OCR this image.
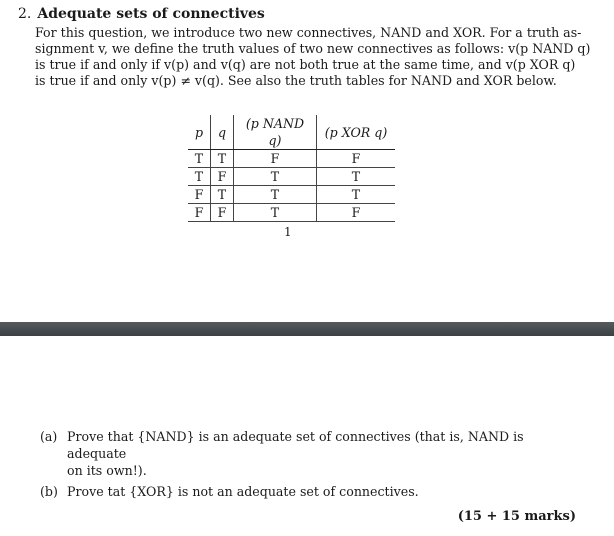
2. Adequate sets of connectives
For this question, we introduce two new connectives, NAND and XOR. For a truth as-
signment v, we define the truth values of two new connectives as follows: v(p NAND q)
is true if and only if v(p) and v(q) are not both true at the same time, and v(p XOR q)
is true if and only v(p) ≠ v(q). See also the truth tables for NAND and XOR below.
p	q	(p NAND q)	(p XOR q)
T	T	F	F
T	F	T	T
F	T	T	T
F	F	T	F
1
(a) Prove that {NAND} is an adequate set of connectives (that is, NAND is adequate
on its own!).
(b) Prove tat {XOR} is not an adequate set of connectives.
(15 + 15 marks)
